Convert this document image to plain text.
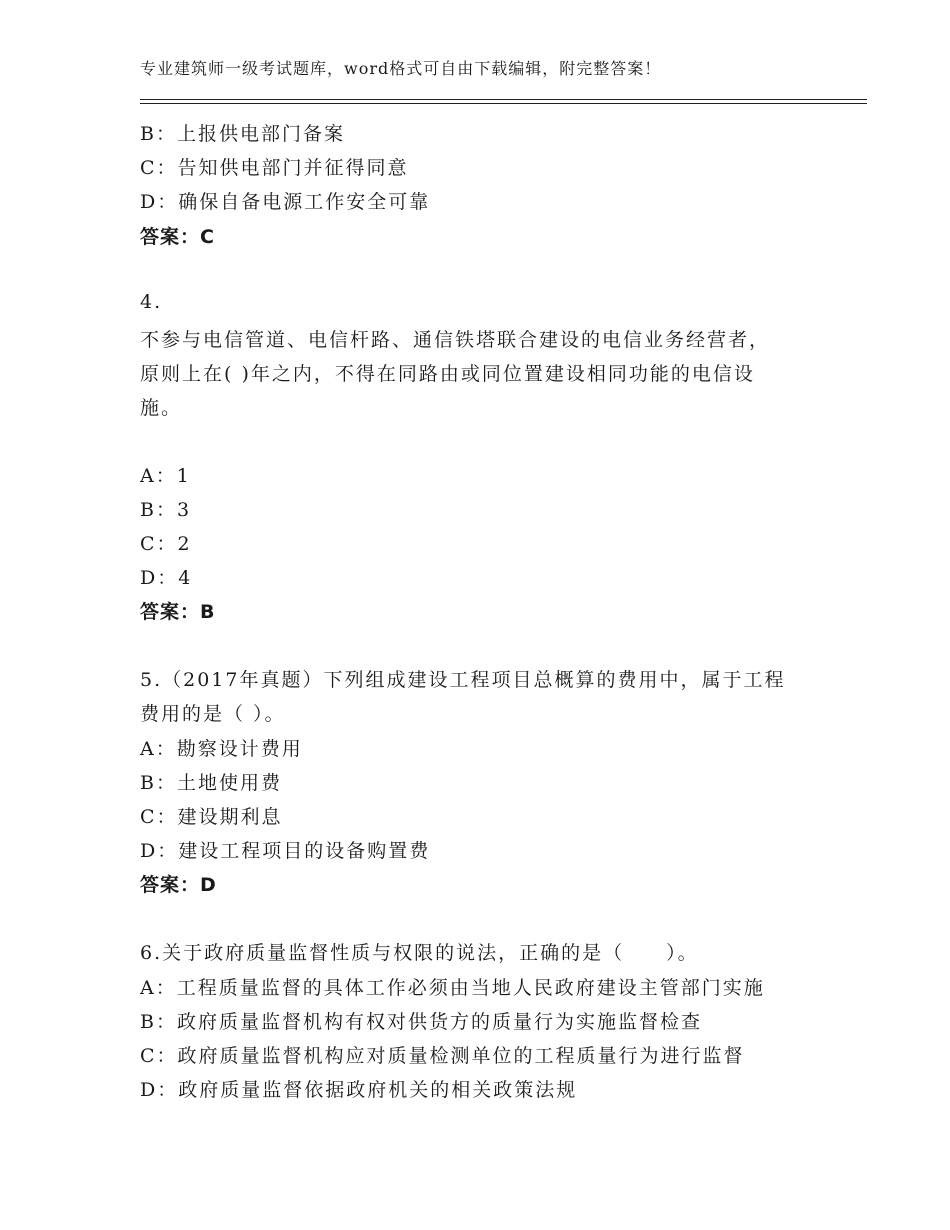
专业建筑师一级考试题库，word格式可自由下载编辑，附完整答案！
B：上报供电部门备案
C：告知供电部门并征得同意
D：确保自备电源工作安全可靠
答案：C
4.
不参与电信管道、电信杆路、通信铁塔联合建设的电信业务经营者，
原则上在( )年之内，不得在同路由或同位置建设相同功能的电信设
施。
A：1
B：3
C：2
D：4
答案：B
5.（2017年真题）下列组成建设工程项目总概算的费用中，属于工程
费用的是（ ）。
A：勘察设计费用
B：土地使用费
C：建设期利息
D：建设工程项目的设备购置费
答案：D
6.关于政府质量监督性质与权限的说法，正确的是（　　）。
A：工程质量监督的具体工作必须由当地人民政府建设主管部门实施
B：政府质量监督机构有权对供货方的质量行为实施监督检查
C：政府质量监督机构应对质量检测单位的工程质量行为进行监督
D：政府质量监督依据政府机关的相关政策法规
